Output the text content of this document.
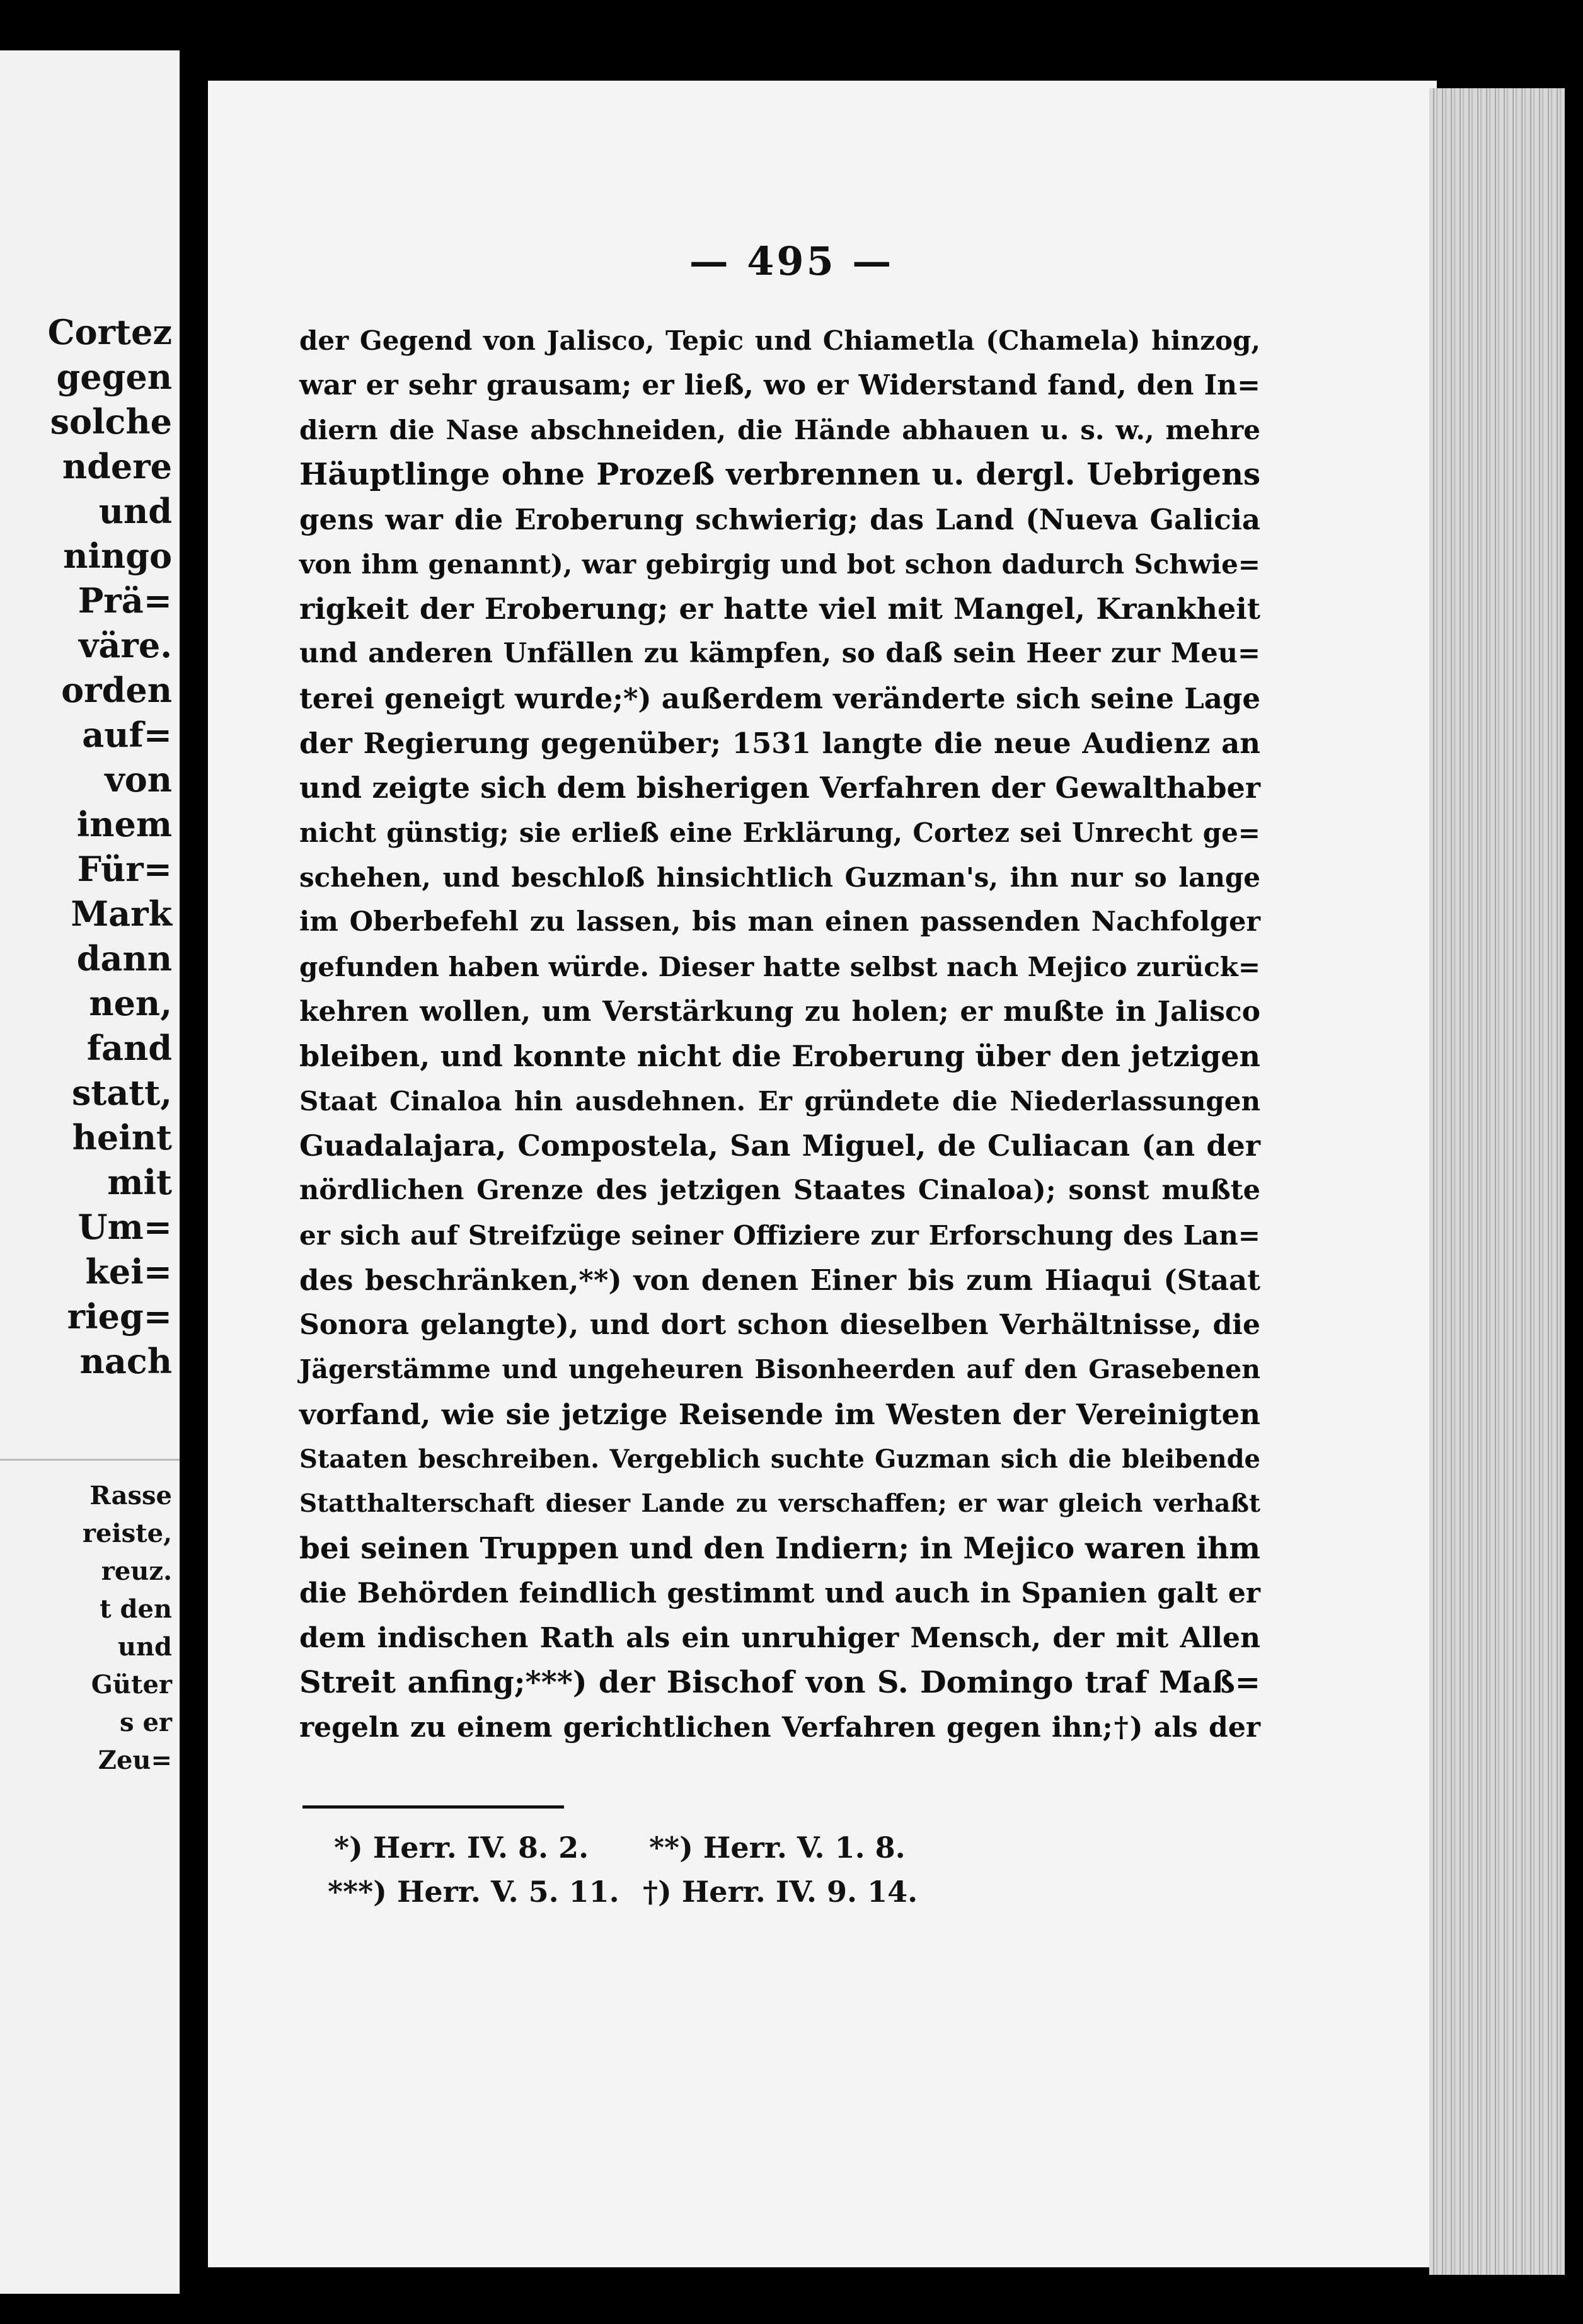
Cortez
gegen
solche
ndere
und
ningo
Prä=
väre.
orden
auf=
von
inem
Für=
Mark
dann
nen,
fand
statt,
heint
mit
Um=
kei=
rieg=
nach
Rasse
reiste,
reuz.
t den
und
Güter
s er
Zeu=
— 495 —
der Gegend von Jalisco, Tepic und Chiametla (Chamela) hinzog,
war er sehr grausam; er ließ, wo er Widerstand fand, den In=
diern die Nase abschneiden, die Hände abhauen u. s. w., mehre
Häuptlinge ohne Prozeß verbrennen u. dergl. Uebrigens
gens war die Eroberung schwierig; das Land (Nueva Galicia
von ihm genannt), war gebirgig und bot schon dadurch Schwie=
rigkeit der Eroberung; er hatte viel mit Mangel, Krankheit
und anderen Unfällen zu kämpfen, so daß sein Heer zur Meu=
terei geneigt wurde;*) außerdem veränderte sich seine Lage
der Regierung gegenüber; 1531 langte die neue Audienz an
und zeigte sich dem bisherigen Verfahren der Gewalthaber
nicht günstig; sie erließ eine Erklärung, Cortez sei Unrecht ge=
schehen, und beschloß hinsichtlich Guzman's, ihn nur so lange
im Oberbefehl zu lassen, bis man einen passenden Nachfolger
gefunden haben würde. Dieser hatte selbst nach Mejico zurück=
kehren wollen, um Verstärkung zu holen; er mußte in Jalisco
bleiben, und konnte nicht die Eroberung über den jetzigen
Staat Cinaloa hin ausdehnen. Er gründete die Niederlassungen
Guadalajara, Compostela, San Miguel, de Culiacan (an der
nördlichen Grenze des jetzigen Staates Cinaloa); sonst mußte
er sich auf Streifzüge seiner Offiziere zur Erforschung des Lan=
des beschränken,**) von denen Einer bis zum Hiaqui (Staat
Sonora gelangte), und dort schon dieselben Verhältnisse, die
Jägerstämme und ungeheuren Bisonheerden auf den Grasebenen
vorfand, wie sie jetzige Reisende im Westen der Vereinigten
Staaten beschreiben. Vergeblich suchte Guzman sich die bleibende
Statthalterschaft dieser Lande zu verschaffen; er war gleich verhaßt
bei seinen Truppen und den Indiern; in Mejico waren ihm
die Behörden feindlich gestimmt und auch in Spanien galt er
dem indischen Rath als ein unruhiger Mensch, der mit Allen
Streit anfing;***) der Bischof von S. Domingo traf Maß=
regeln zu einem gerichtlichen Verfahren gegen ihn;†) als der
*) Herr. IV. 8. 2. **) Herr. V. 1. 8.
***) Herr. V. 5. 11. †) Herr. IV. 9. 14.
